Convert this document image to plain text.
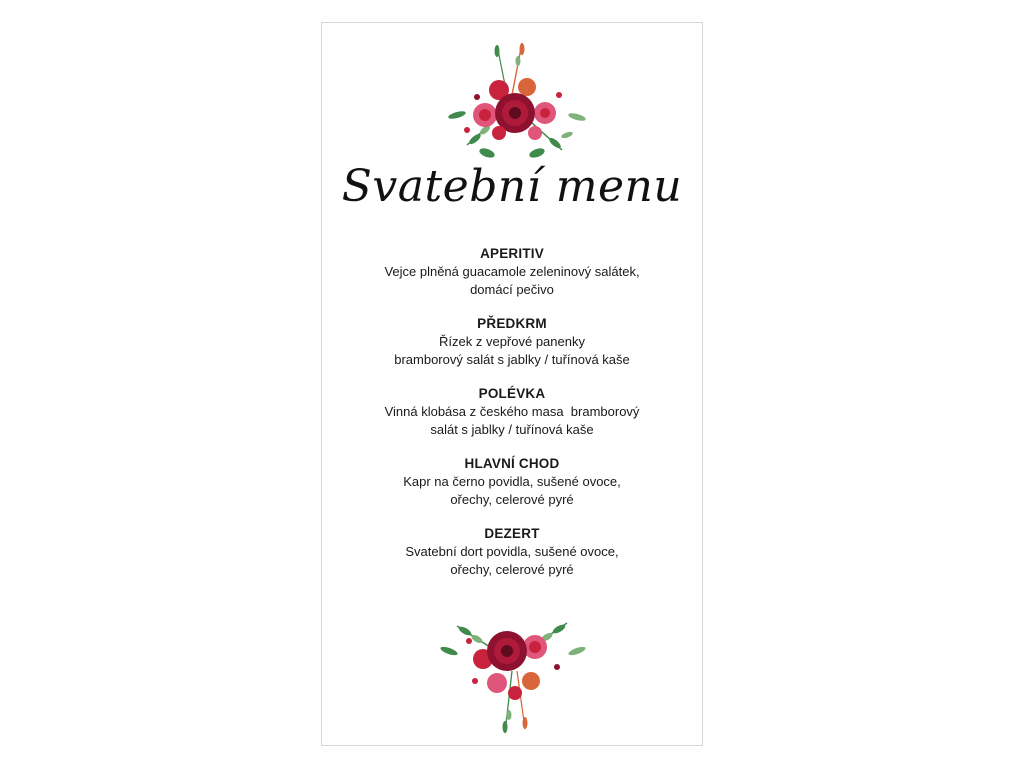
Svatební menu
APERITIV
Vejce plněná guacamole zeleninový salátek,
domácí pečivo
PŘEDKRM
Řízek z vepřové panenky
bramborový salát s jablky / tuřínová kaše
POLÉVKA
Vinná klobása z českého masa  bramborový
salát s jablky / tuřínová kaše
HLAVNÍ CHOD
Kapr na černo povidla, sušené ovoce,
ořechy, celerové pyré
DEZERT
Svatební dort povidla, sušené ovoce,
ořechy, celerové pyré
